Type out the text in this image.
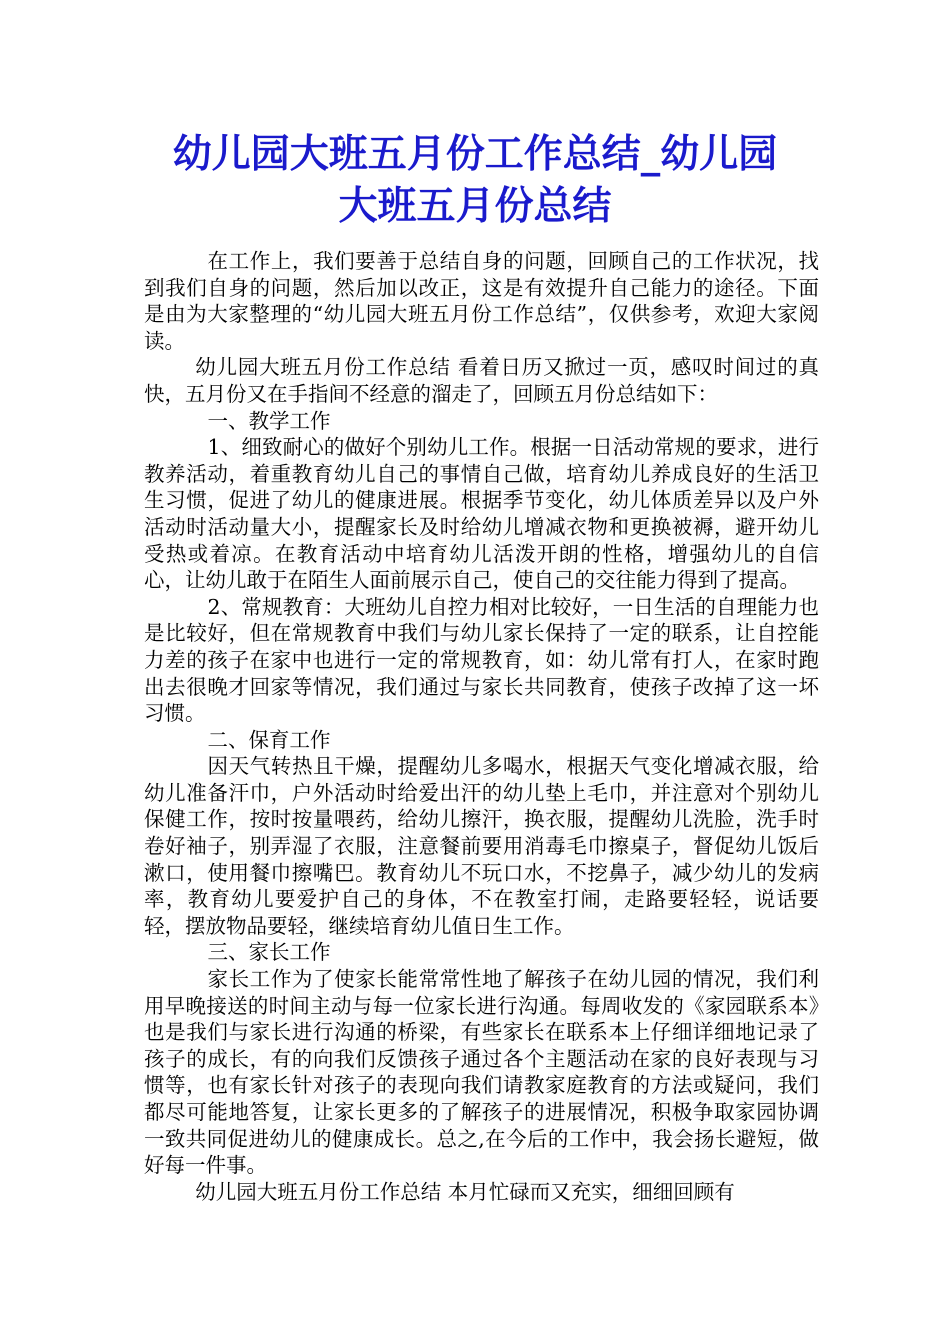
幼儿园大班五月份工作总结_幼儿园
大班五月份总结

在工作上，我们要善于总结自身的问题，回顾自己的工作状况，找到我们自身的问题，然后加以改正，这是有效提升自己能力的途径。下面是由为大家整理的“幼儿园大班五月份工作总结”，仅供参考，欢迎大家阅读。

幼儿园大班五月份工作总结 看着日历又掀过一页，感叹时间过的真快，五月份又在手指间不经意的溜走了，回顾五月份总结如下：

一、教学工作

1、细致耐心的做好个别幼儿工作。根据一日活动常规的要求，进行教养活动，着重教育幼儿自己的事情自己做，培育幼儿养成良好的生活卫生习惯，促进了幼儿的健康进展。根据季节变化，幼儿体质差异以及户外活动时活动量大小，提醒家长及时给幼儿增减衣物和更换被褥，避开幼儿受热或着凉。在教育活动中培育幼儿活泼开朗的性格，增强幼儿的自信心，让幼儿敢于在陌生人面前展示自己，使自己的交往能力得到了提高。

2、常规教育：大班幼儿自控力相对比较好，一日生活的自理能力也是比较好，但在常规教育中我们与幼儿家长保持了一定的联系，让自控能力差的孩子在家中也进行一定的常规教育，如：幼儿常有打人，在家时跑出去很晚才回家等情况，我们通过与家长共同教育，使孩子改掉了这一坏习惯。

二、保育工作

因天气转热且干燥，提醒幼儿多喝水，根据天气变化增减衣服，给幼儿准备汗巾，户外活动时给爱出汗的幼儿垫上毛巾，并注意对个别幼儿保健工作，按时按量喂药，给幼儿擦汗，换衣服，提醒幼儿洗脸，洗手时卷好袖子，别弄湿了衣服，注意餐前要用消毒毛巾擦桌子，督促幼儿饭后漱口，使用餐巾擦嘴巴。教育幼儿不玩口水，不挖鼻子，减少幼儿的发病率，教育幼儿要爱护自己的身体，不在教室打闹，走路要轻轻，说话要轻，摆放物品要轻，继续培育幼儿值日生工作。

三、家长工作

家长工作为了使家长能常常性地了解孩子在幼儿园的情况，我们利用早晚接送的时间主动与每一位家长进行沟通。每周收发的《家园联系本》也是我们与家长进行沟通的桥梁，有些家长在联系本上仔细详细地记录了孩子的成长，有的向我们反馈孩子通过各个主题活动在家的良好表现与习惯等，也有家长针对孩子的表现向我们请教家庭教育的方法或疑问，我们都尽可能地答复，让家长更多的了解孩子的进展情况，积极争取家园协调一致共同促进幼儿的健康成长。总之,在今后的工作中，我会扬长避短，做好每一件事。

幼儿园大班五月份工作总结 本月忙碌而又充实，细细回顾有
